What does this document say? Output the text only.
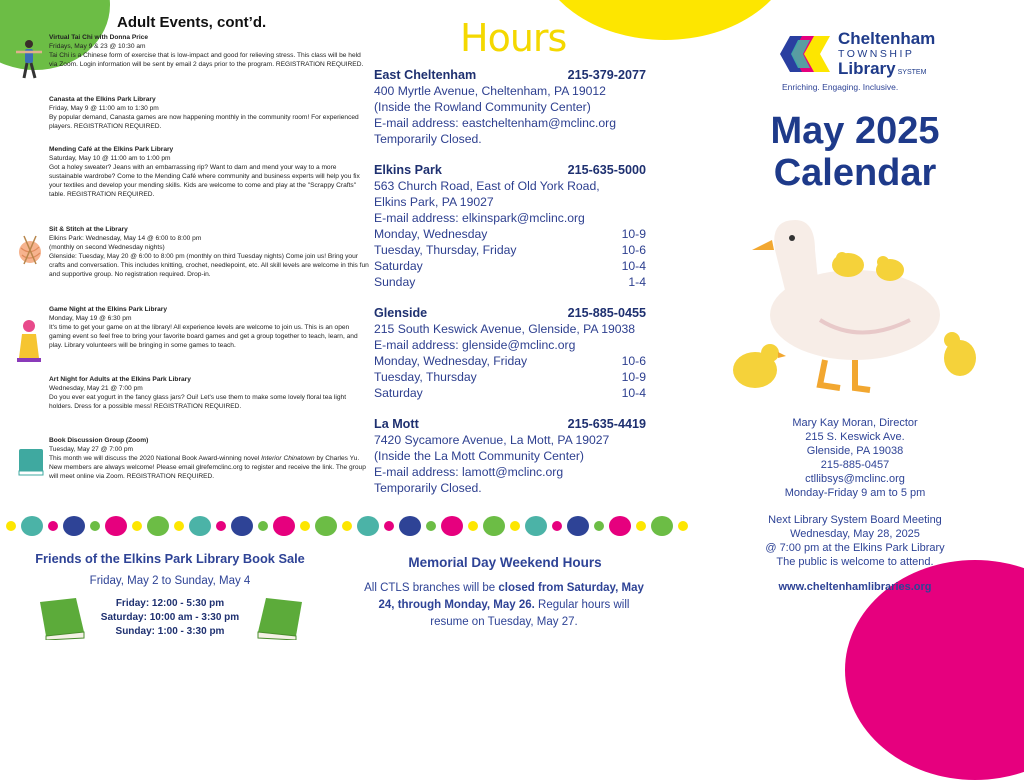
Adult Events, cont’d.
Virtual Tai Chi with Donna Price
Fridays, May 9 & 23 @ 10:30 am

Tai Chi is a Chinese form of exercise that is low-impact and good for relieving stress. This class will be held via Zoom. Login information will be sent by email 2 days prior to the program. REGISTRATION REQUIRED.

Canasta at the Elkins Park Library
Friday, May 9 @ 11:00 am to 1:30 pm

By popular demand, Canasta games are now happening monthly in the community room! For experienced players. REGISTRATION REQUIRED.

Mending Café at the Elkins Park Library
Saturday, May 10 @ 11:00 am to 1:00 pm

Got a holey sweater? Jeans with an embarrassing rip? Want to darn and mend your way to a more sustainable wardrobe? Come to the Mending Café where community and business experts will help you fix your textiles and develop your mending skills. Kids are welcome to come and play at the "Scrappy Crafts" table. REGISTRATION REQUIRED.

Sit & Stitch at the Library
Elkins Park: Wednesday, May 14 @ 6:00 to 8:00 pm
(monthly on second Wednesday nights)

Glenside: Tuesday, May 20 @ 6:00 to 8:00 pm (monthly on third Tuesday nights) Come join us! Bring your crafts and conversation. This includes knitting, crochet, needlepoint, etc. All skill levels are welcome in this fun and supportive group. No registration required. Drop-in.

Game Night at the Elkins Park Library
Monday, May 19 @ 6:30 pm

It's time to get your game on at the library! All experience levels are welcome to join us. This is an open gaming event so feel free to bring your favorite board games and get a group together to teach, learn, and play. Library volunteers will be bringing in some games to teach.

Art Night for Adults at the Elkins Park Library
Wednesday, May 21 @ 7:00 pm

Do you ever eat yogurt in the fancy glass jars? Oui! Let's use them to make some lovely floral tea light holders. Dress for a possible mess! REGISTRATION REQUIRED.

Book Discussion Group (Zoom)
Tuesday, May 27 @ 7:00 pm

This month we will discuss the 2020 National Book Award-winning novel Interior Chinatown by Charles Yu. New members are always welcome! Please email glrefemclinc.org to register and receive the link. The group will meet online via Zoom. REGISTRATION REQUIRED.

Hours
East Cheltenham	215-379-2077
400 Myrtle Avenue, Cheltenham, PA 19012
(Inside the Rowland Community Center)
E-mail address: eastcheltenham@mclinc.org
Temporarily Closed.
Elkins Park	215-635-5000
563 Church Road, East of Old York Road,
Elkins Park, PA 19027
E-mail address: elkinspark@mclinc.org
Monday, Wednesday	10-9
Tuesday, Thursday, Friday	10-6
Saturday	10-4
Sunday	1-4
Glenside	215-885-0455
215 South Keswick Avenue, Glenside, PA 19038
E-mail address: glenside@mclinc.org
Monday, Wednesday, Friday	10-6
Tuesday, Thursday	10-9
Saturday	10-4
La Mott	215-635-4419
7420 Sycamore Avenue, La Mott, PA 19027
(Inside the La Mott Community Center)
E-mail address: lamott@mclinc.org
Temporarily Closed.
Cheltenham
TOWNSHIP
Library SYSTEM
Enriching. Engaging. Inclusive.
May 2025
Calendar
Mary Kay Moran, Director
215 S. Keswick Ave.
Glenside, PA 19038
215-885-0457
ctllibsys@mclinc.org
Monday-Friday 9 am to 5 pm
Next Library System Board Meeting
Wednesday, May 28, 2025
@ 7:00 pm at the Elkins Park Library
The public is welcome to attend.
www.cheltenhamlibraries.org
Friends of the Elkins Park Library Book Sale
Friday, May 2 to Sunday, May 4
Friday: 12:00 - 5:30 pm
Saturday: 10:00 am - 3:30 pm
Sunday: 1:00 - 3:30 pm
Memorial Day Weekend Hours
All CTLS branches will be closed from Saturday, May 24, through Monday, May 26. Regular hours will resume on Tuesday, May 27.
